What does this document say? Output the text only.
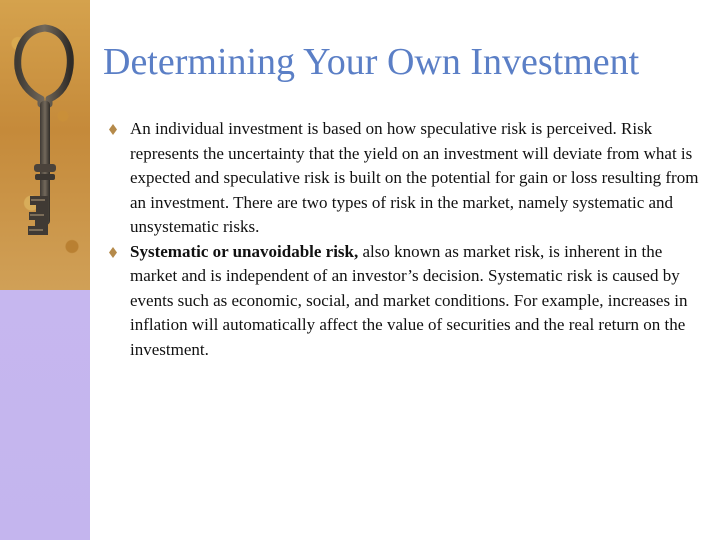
Determining Your Own Investment
An individual investment is based on how speculative risk is perceived. Risk represents the uncertainty that the yield on an investment will deviate from what is expected and speculative risk is built on the potential for gain or loss resulting from an investment. There are two types of risk in the market, namely systematic and unsystematic risks.
Systematic or unavoidable risk, also known as market risk, is inherent in the market and is independent of an investor’s decision. Systematic risk is caused by events such as economic, social, and market conditions. For example, increases in inflation will automatically affect the value of securities and the real return on the investment.
